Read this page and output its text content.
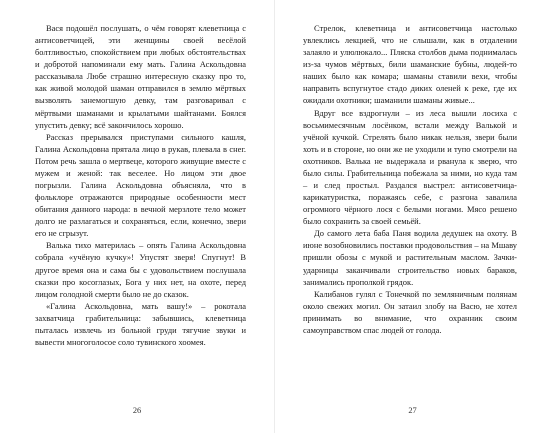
Вася подошёл послушать, о чём говорят клеветница с антисоветчицей, эти женщины своей весёлой болтливостью, спокойствием при любых обстоятельствах и добротой напоминали ему мать. Галина Аскольдовна рассказывала Любе страшно интересную сказку про то, как живой молодой шаман отправился в землю мёртвых вызволять занемогшую девку, там разговаривал с мёртвыми шаманами и крылатыми шайтанами. Боялся упустить девку; всё закончилось хорошо.

Рассказ прерывался приступами сильного кашля, Галина Аскольдовна прятала лицо в рукав, плевала в снег. Потом речь зашла о мертвеце, которого живущие вместе с мужем и женой: так веселее. Но лицом эти двое погрызли. Галина Аскольдовна объясняла, что в фольклоре отражаются природные особенности мест обитания данного народа: в вечной мерзлоте тело может долго не разлагаться и сохраняться, если, конечно, звери его не сгрызут.

Валька тихо материлась – опять Галина Аскольдовна собрала «учёную кучку»! Упустят зверя! Спугнут! В другое время она и сама бы с удовольствием послушала сказки про косоглазых, Бога у них нет, на охоте, перед лицом голодной смерти было не до сказок.

«Галина Аскольдовна, мать вашу!» – рокотала захватчица грабительница: забывшись, клеветница пыталась извлечь из больной груди тягучие звуки и вывести многоголосое соло тувинского хоомея.

26

Стрелок, клеветница и антисоветчица настолько увлеклись лекцией, что не слышали, как в отдалении залаяло и улюлюкало... Пляска столбов дыма поднималась из-за чумов мёртвых, били шаманские бубны, людей-то наших было как комара; шаманы ставили вехи, чтобы направить вспугнутое стадо диких оленей к реке, где их ожидали охотники; шаманили шаманы живые...

Вдруг все вздрогнули – из леса вышли лосиха с восьмимесячным лосёнком, встали между Валькой и учёной кучкой. Стрелять было никак нельзя, звери были хоть и в стороне, но они же не уходили и тупо смотрели на охотников. Валька не выдержала и рванула к зверю, что было силы. Грабительница побежала за ними, но куда там – и след простыл. Раздался выстрел: антисоветчица-карикатуристка, поражаясь себе, с разгона завалила огромного чёрного лося с белыми ногами. Мясо решено было сохранить за своей семьёй.

До самого лета баба Паня водила дедушек на охоту. В июне возобновились поставки продовольствия – на Мшаву пришли обозы с мукой и растительным маслом. Зачки-ударницы заканчивали строительство новых бараков, занимались прополкой грядок.

Калибанов гулял с Тонечкой по земляничным полянам около свежих могил. Он затаил злобу на Васю, не хотел принимать во внимание, что охранник своим самоуправством спас людей от голода.

27
